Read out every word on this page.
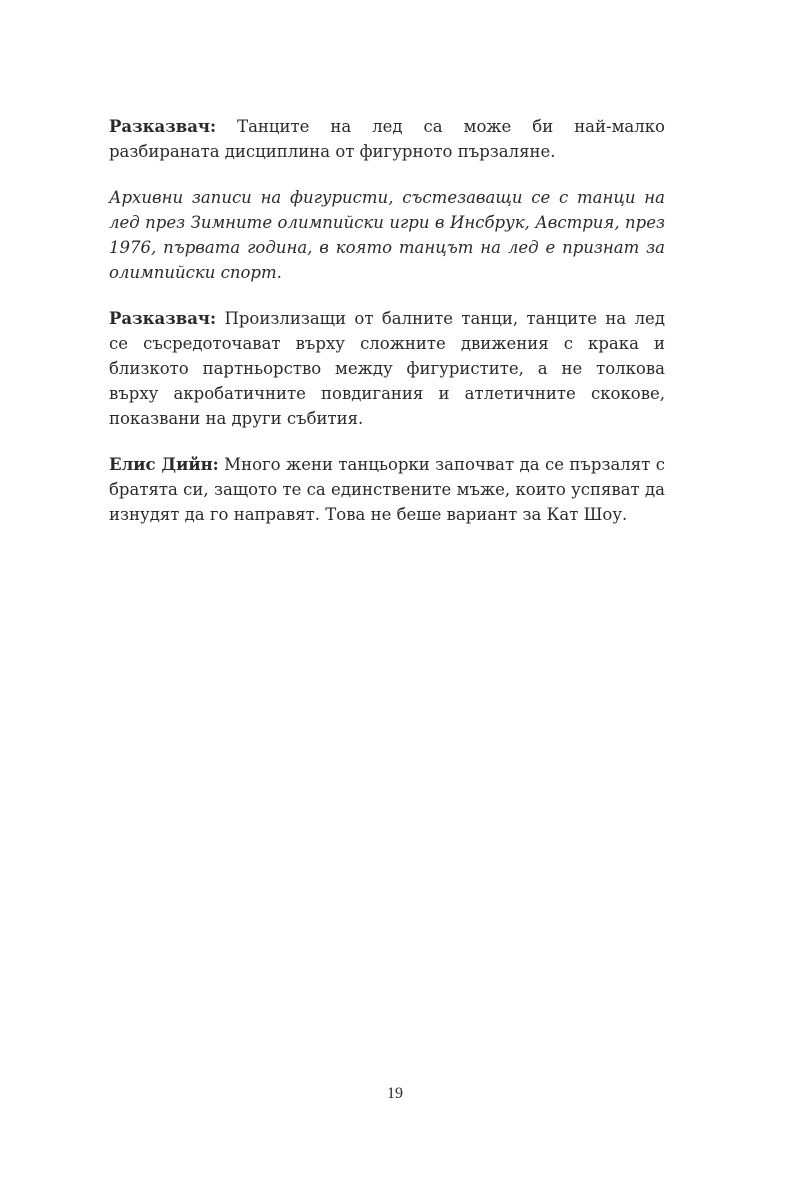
Разказвач: Танците на лед са може би най-малко разбираната дисциплина от фигурното пързаляне.

Архивни записи на фигуристи, състезаващи се с танци на лед през Зимните олимпийски игри в Инсбрук, Австрия, през 1976, първата година, в която танцът на лед е признат за олимпийски спорт.

Разказвач: Произлизащи от балните танци, танците на лед се съсредоточават върху сложните движения с крака и близкото партньорство между фигуристите, а не толкова върху акробатичните повдигания и атлетичните скокове, показвани на други събития.

Елис Дийн: Много жени танцьорки започват да се пързалят с братята си, защото те са единствените мъже, които успяват да изнудят да го направят. Това не беше вариант за Кат Шоу.

19
